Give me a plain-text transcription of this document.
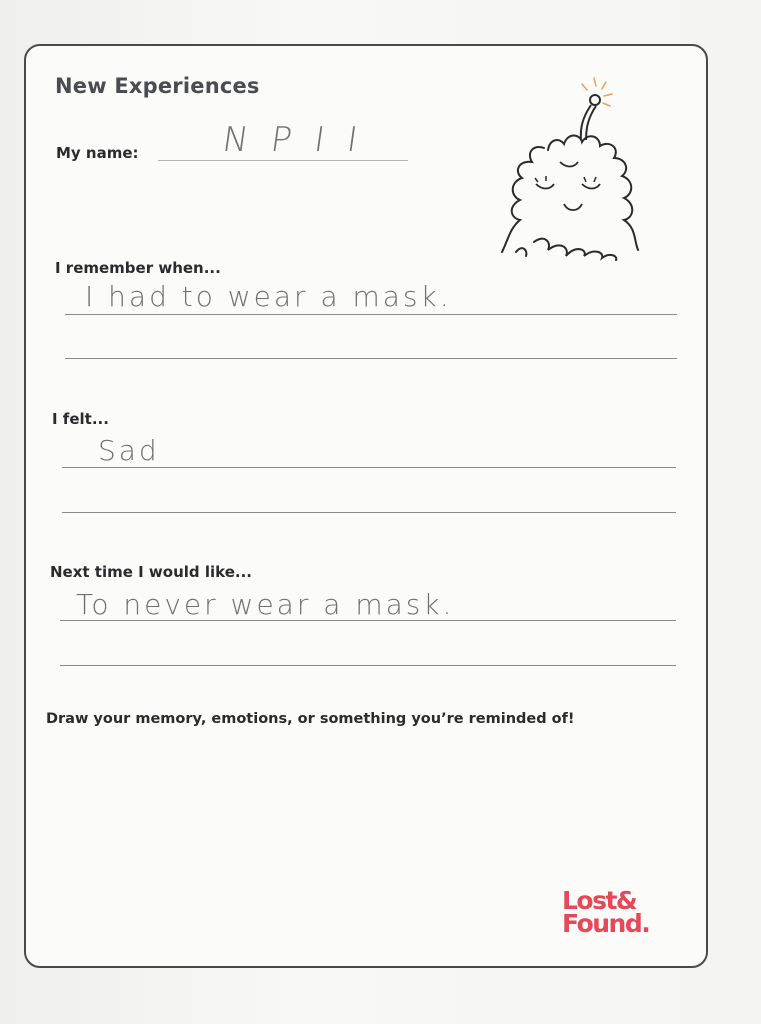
New Experiences
My name: N P I I
I remember when...
I had to wear a mask.
I felt...
Sad
Next time I would like...
To never wear a mask.
Draw your memory, emotions, or something you’re reminded of!
Lost&
Found.
